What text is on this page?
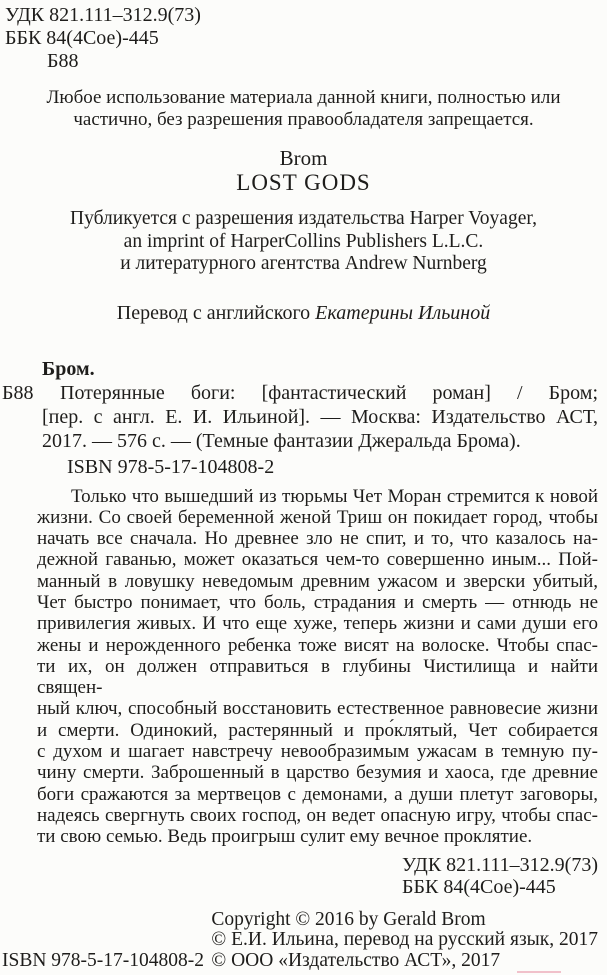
УДК 821.111–312.9(73)
ББК 84(4Сое)-445
Б88
Любое использование материала данной книги, полностью или
частично, без разрешения правообладателя запрещается.
Brom
LOST GODS
Публикуется с разрешения издательства Harper Voyager,
an imprint of HarperCollins Publishers L.L.C.
и литературного агентства Andrew Nurnberg
Перевод с английского Екатерины Ильиной
Бром.
Б88	Потерянные боги: [фантастический роман] / Бром;
[пер. с англ. Е. И. Ильиной]. — Москва: Издательство АСТ,
2017. — 576 с. — (Темные фантазии Джеральда Брома).
ISBN 978-5-17-104808-2
Только что вышедший из тюрьмы Чет Моран стремится к новой
жизни. Со своей беременной женой Триш он покидает город, чтобы
начать все сначала. Но древнее зло не спит, и то, что казалось на-
дежной гаванью, может оказаться чем-то совершенно иным... Пой-
манный в ловушку неведомым древним ужасом и зверски убитый,
Чет быстро понимает, что боль, страдания и смерть — отнюдь не
привилегия живых. И что еще хуже, теперь жизни и сами души его
жены и нерожденного ребенка тоже висят на волоске. Чтобы спас-
ти их, он должен отправиться в глубины Чистилища и найти священ-
ный ключ, способный восстановить естественное равновесие жизни
и смерти. Одинокий, растерянный и про́клятый, Чет собирается
с духом и шагает навстречу невообразимым ужасам в темную пу-
чину смерти. Заброшенный в царство безумия и хаоса, где древние
боги сражаются за мертвецов с демонами, а души плетут заговоры,
надеясь свергнуть своих господ, он ведет опасную игру, чтобы спас-
ти свою семью. Ведь проигрыш сулит ему вечное проклятие.
УДК 821.111–312.9(73)
ББК 84(4Сое)-445
ISBN 978-5-17-104808-2
Copyright © 2016 by Gerald Brom
© Е.И. Ильина, перевод на русский язык, 2017
© ООО «Издательство АСТ», 2017
